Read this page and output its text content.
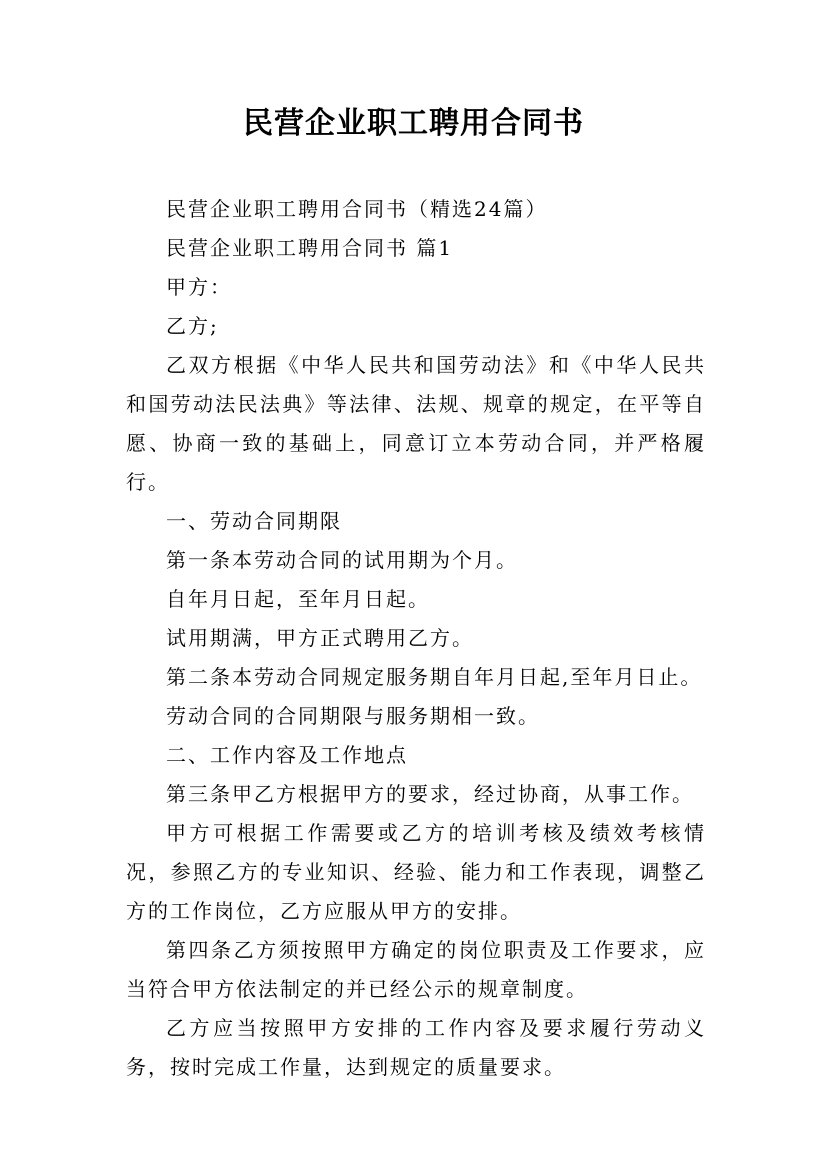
民营企业职工聘用合同书

民营企业职工聘用合同书（精选24篇）

民营企业职工聘用合同书 篇1

甲方：

乙方;

乙双方根据《中华人民共和国劳动法》和《中华人民共和国劳动法民法典》等法律、法规、规章的规定，在平等自愿、协商一致的基础上，同意订立本劳动合同，并严格履行。

一、劳动合同期限

第一条本劳动合同的试用期为个月。

自年月日起，至年月日起。

试用期满，甲方正式聘用乙方。

第二条本劳动合同规定服务期自年月日起,至年月日止。

劳动合同的合同期限与服务期相一致。

二、工作内容及工作地点

第三条甲乙方根据甲方的要求，经过协商，从事工作。

甲方可根据工作需要或乙方的培训考核及绩效考核情况，参照乙方的专业知识、经验、能力和工作表现，调整乙方的工作岗位，乙方应服从甲方的安排。

第四条乙方须按照甲方确定的岗位职责及工作要求，应当符合甲方依法制定的并已经公示的规章制度。

乙方应当按照甲方安排的工作内容及要求履行劳动义务，按时完成工作量，达到规定的质量要求。
